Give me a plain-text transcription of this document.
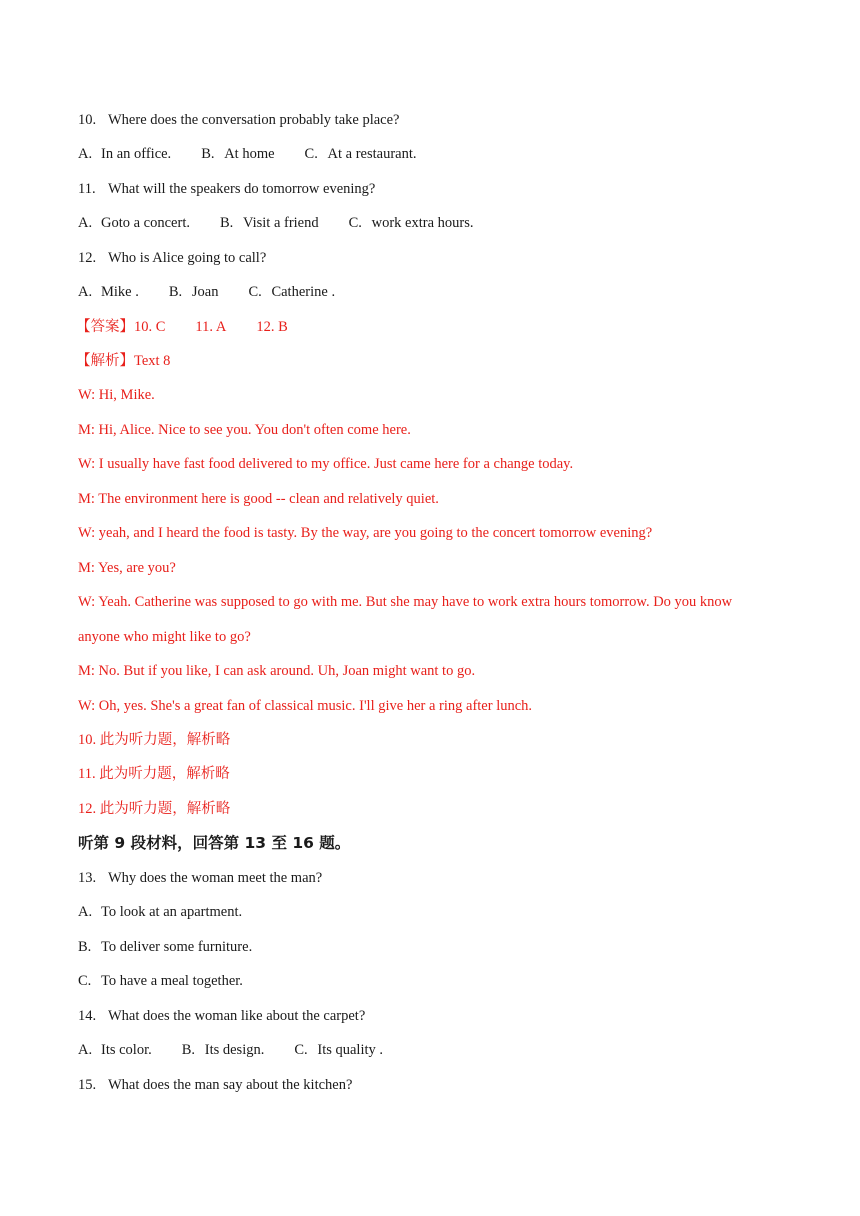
10. Where does the conversation probably take place?
A. In an office. B. At home C. At a restaurant.
11. What will the speakers do tomorrow evening?
A. Goto a concert. B. Visit a friend C. work extra hours.
12. Who is Alice going to call?
A. Mike . B. Joan C. Catherine .
【答案】10. C 11. A 12. B
【解析】Text 8
W: Hi, Mike.
M: Hi, Alice. Nice to see you. You don't often come here.
W: I usually have fast food delivered to my office. Just came here for a change today.
M: The environment here is good -- clean and relatively quiet.
W: yeah, and I heard the food is tasty. By the way, are you going to the concert tomorrow evening?
M: Yes, are you?
W: Yeah. Catherine was supposed to go with me. But she may have to work extra hours tomorrow. Do you know
anyone who might like to go?
M: No. But if you like, I can ask around. Uh, Joan might want to go.
W: Oh, yes. She's a great fan of classical music. I'll give her a ring after lunch.
10. 此为听力题，解析略
11. 此为听力题，解析略
12. 此为听力题，解析略
听第 9 段材料，回答第 13 至 16 题。
13. Why does the woman meet the man?
A. To look at an apartment.
B. To deliver some furniture.
C. To have a meal together.
14. What does the woman like about the carpet?
A. Its color. B. Its design. C. Its quality .
15. What does the man say about the kitchen?
